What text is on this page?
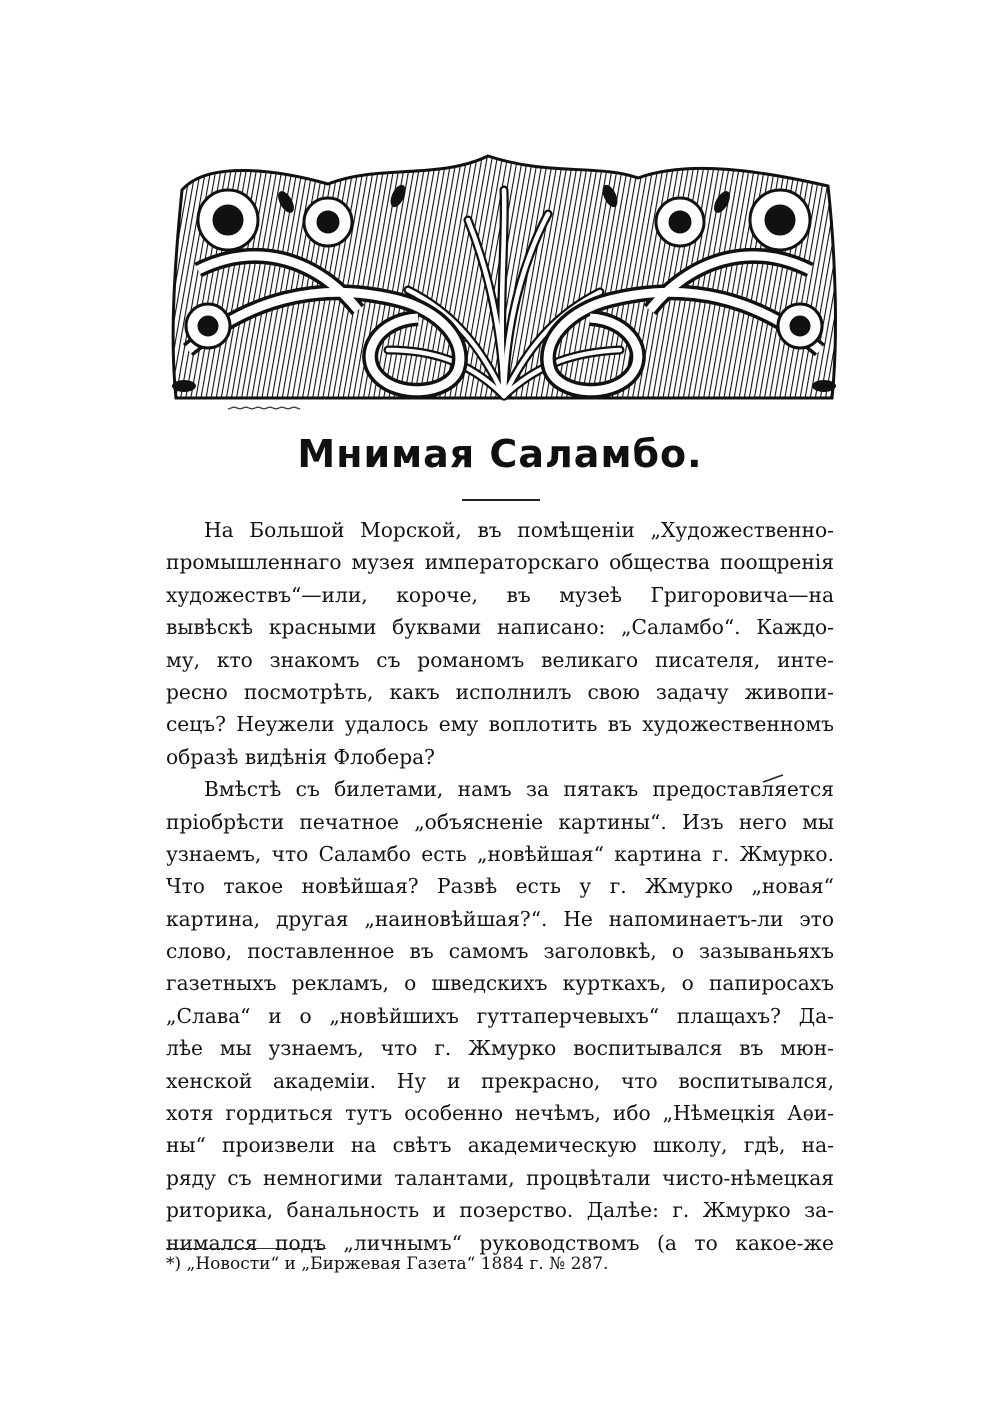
Мнимая Саламбо.
На Большой Морской, въ помѣщенiи „Художественно-
промышленнаго музея императорскаго общества поощренiя
художествъ“—или, короче, въ музеѣ Григоровича—на
вывѣскѣ красными буквами написано: „Саламбо“. Каждо-
му, кто знакомъ съ романомъ великаго писателя, инте-
ресно посмотрѣть, какъ исполнилъ свою задачу живопи-
сецъ? Неужели удалось ему воплотить въ художественномъ
образѣ видѣнiя Флобера?
Вмѣстѣ съ билетами, намъ за пятакъ предоставляется
прiобрѣсти печатное „объясненiе картины“. Изъ него мы
узнаемъ, что Саламбо есть „новѣйшая“ картина г. Жмурко.
Что такое новѣйшая? Развѣ есть у г. Жмурко „новая“
картина, другая „наиновѣйшая?“. Не напоминаетъ-ли это
слово, поставленное въ самомъ заголовкѣ, о зазываньяхъ
газетныхъ рекламъ, о шведскихъ курткахъ, о папиросахъ
„Слава“ и о „новѣйшихъ гуттаперчевыхъ“ плащахъ? Да-
лѣе мы узнаемъ, что г. Жмурко воспитывался въ мюн-
хенской академiи. Ну и прекрасно, что воспитывался,
хотя гордиться тутъ особенно нечѣмъ, ибо „Нѣмецкiя Аѳи-
ны“ произвели на свѣтъ академическую школу, гдѣ, на-
ряду съ немногими талантами, процвѣтали чисто-нѣмецкая
риторика, банальность и позерство. Далѣе: г. Жмурко за-
нимался подъ „личнымъ“ руководствомъ (а то какое-же

*) „Новости“ и „Биржевая Газета“ 1884 г. № 287.
